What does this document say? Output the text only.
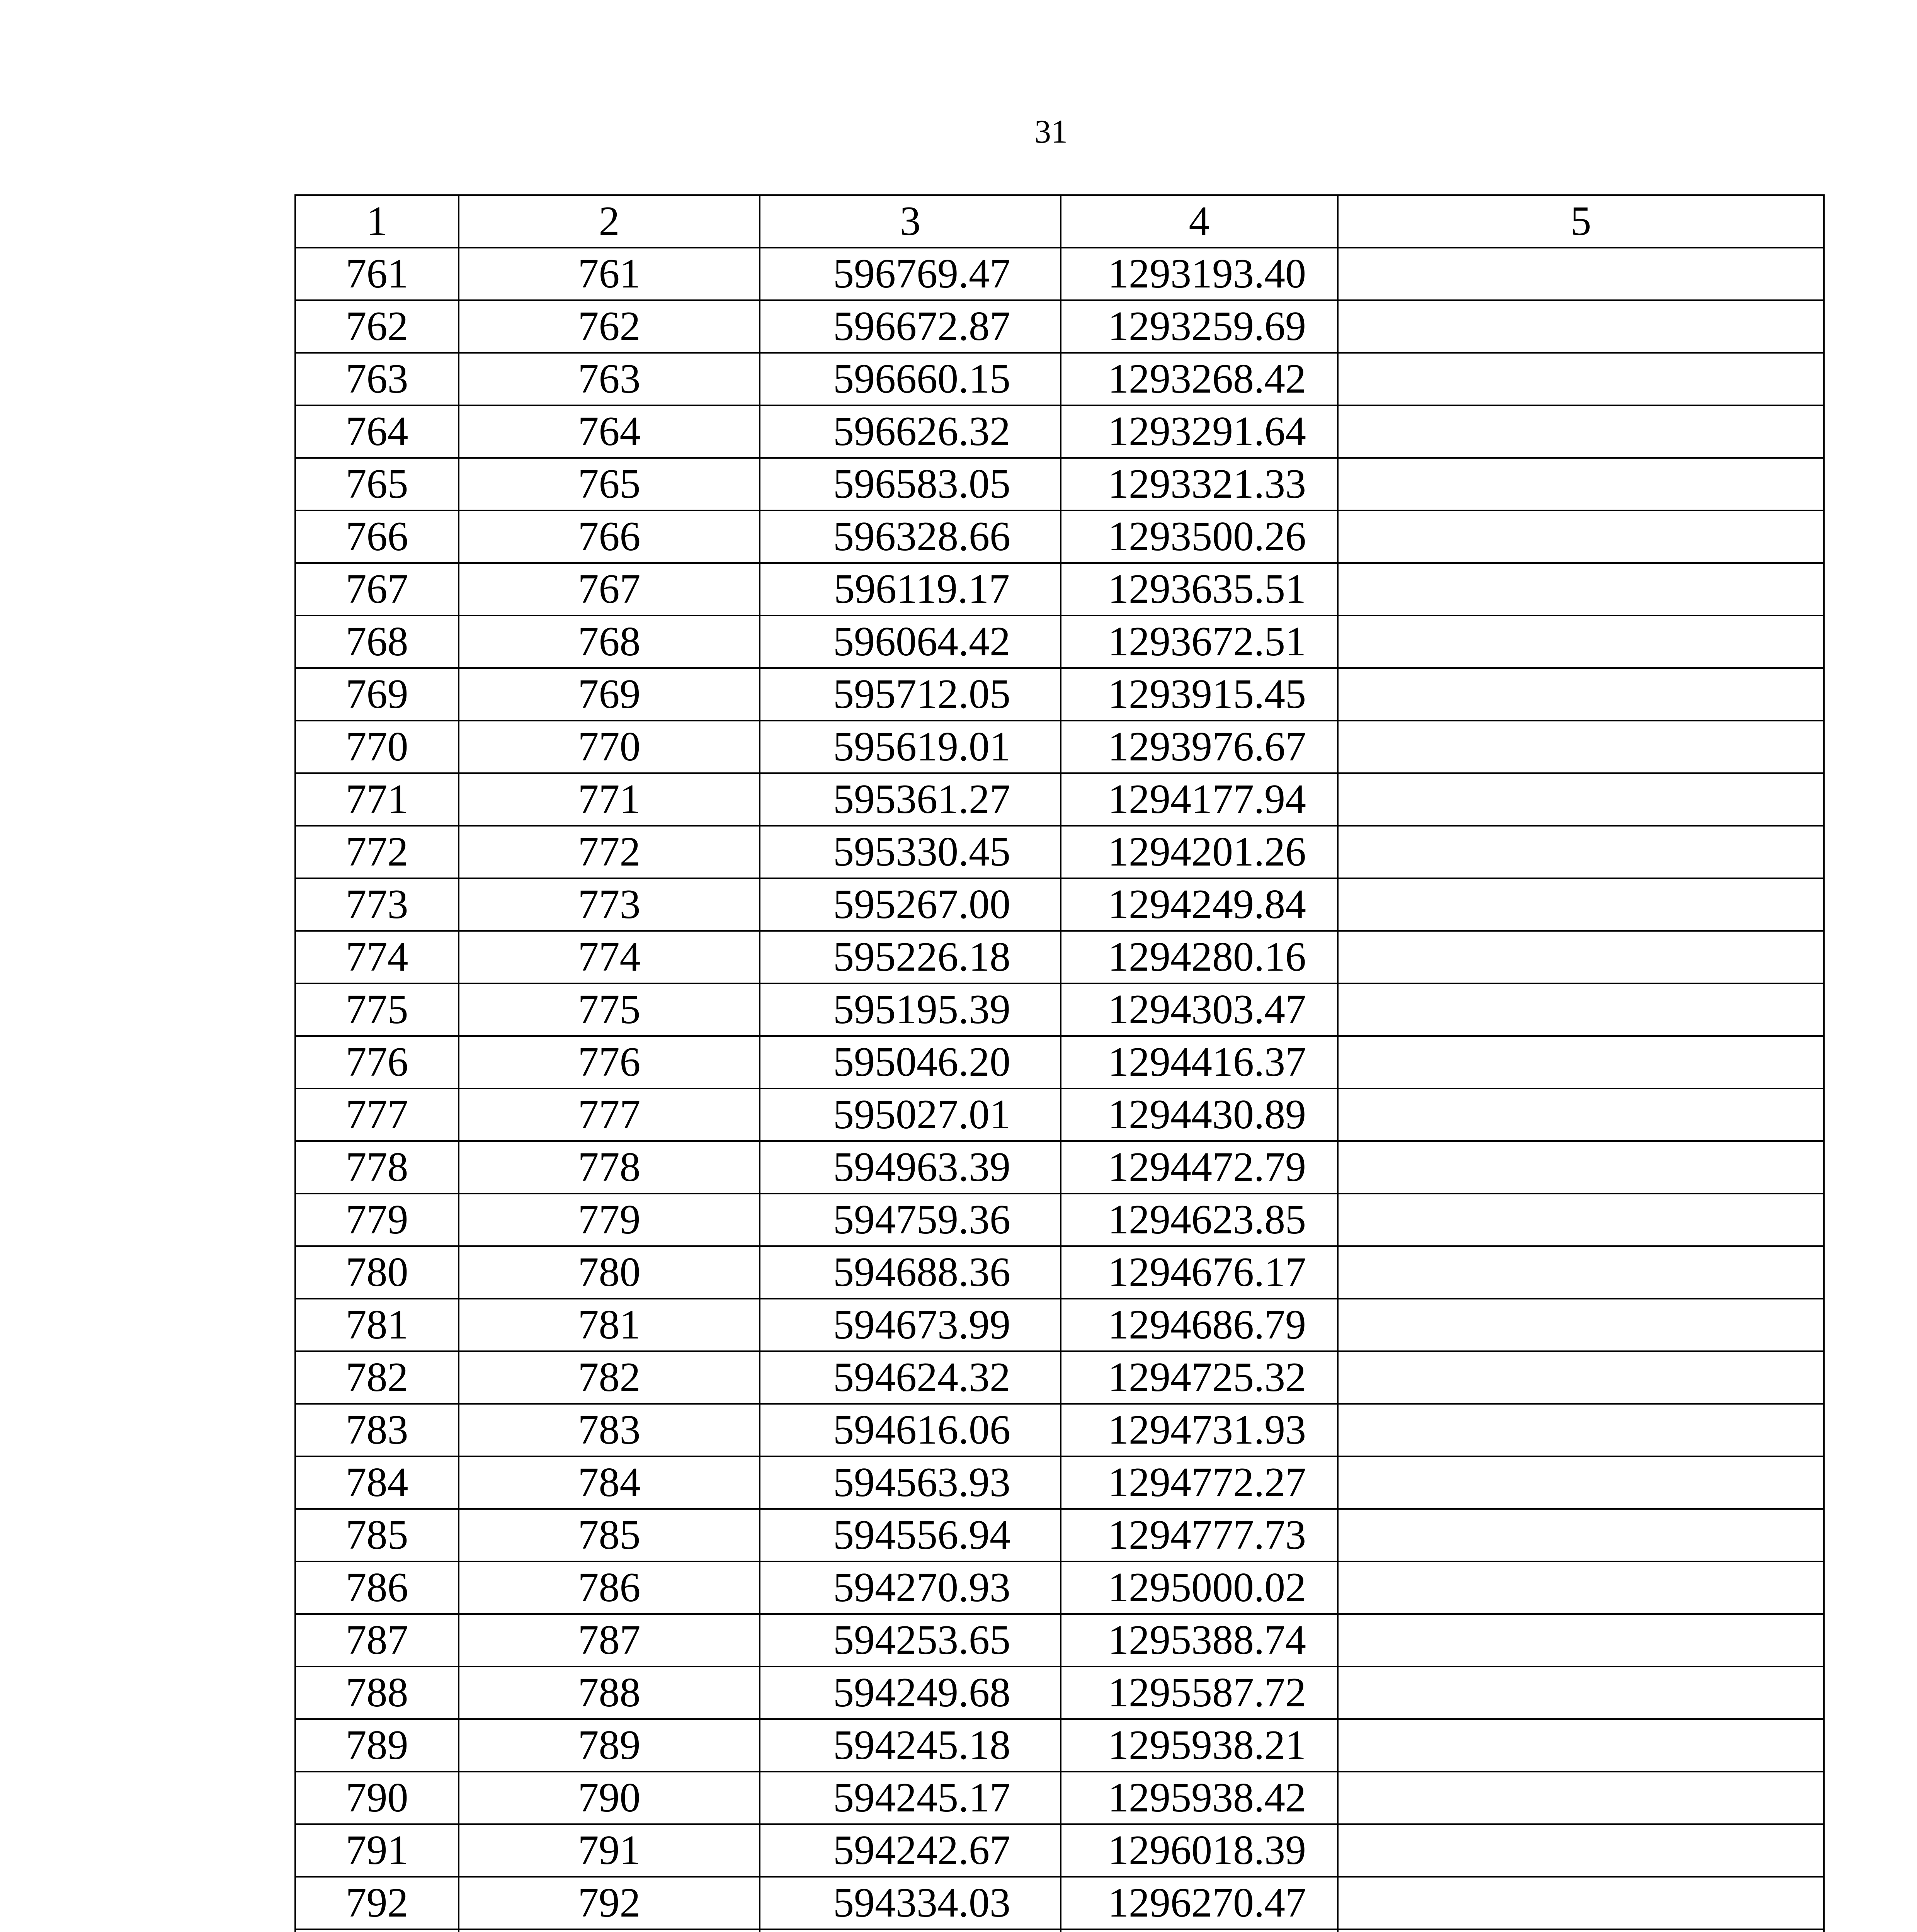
31
1	2	3	4	5
761	761	596769.47	1293193.40	
762	762	596672.87	1293259.69	
763	763	596660.15	1293268.42	
764	764	596626.32	1293291.64	
765	765	596583.05	1293321.33	
766	766	596328.66	1293500.26	
767	767	596119.17	1293635.51	
768	768	596064.42	1293672.51	
769	769	595712.05	1293915.45	
770	770	595619.01	1293976.67	
771	771	595361.27	1294177.94	
772	772	595330.45	1294201.26	
773	773	595267.00	1294249.84	
774	774	595226.18	1294280.16	
775	775	595195.39	1294303.47	
776	776	595046.20	1294416.37	
777	777	595027.01	1294430.89	
778	778	594963.39	1294472.79	
779	779	594759.36	1294623.85	
780	780	594688.36	1294676.17	
781	781	594673.99	1294686.79	
782	782	594624.32	1294725.32	
783	783	594616.06	1294731.93	
784	784	594563.93	1294772.27	
785	785	594556.94	1294777.73	
786	786	594270.93	1295000.02	
787	787	594253.65	1295388.74	
788	788	594249.68	1295587.72	
789	789	594245.18	1295938.21	
790	790	594245.17	1295938.42	
791	791	594242.67	1296018.39	
792	792	594334.03	1296270.47	
